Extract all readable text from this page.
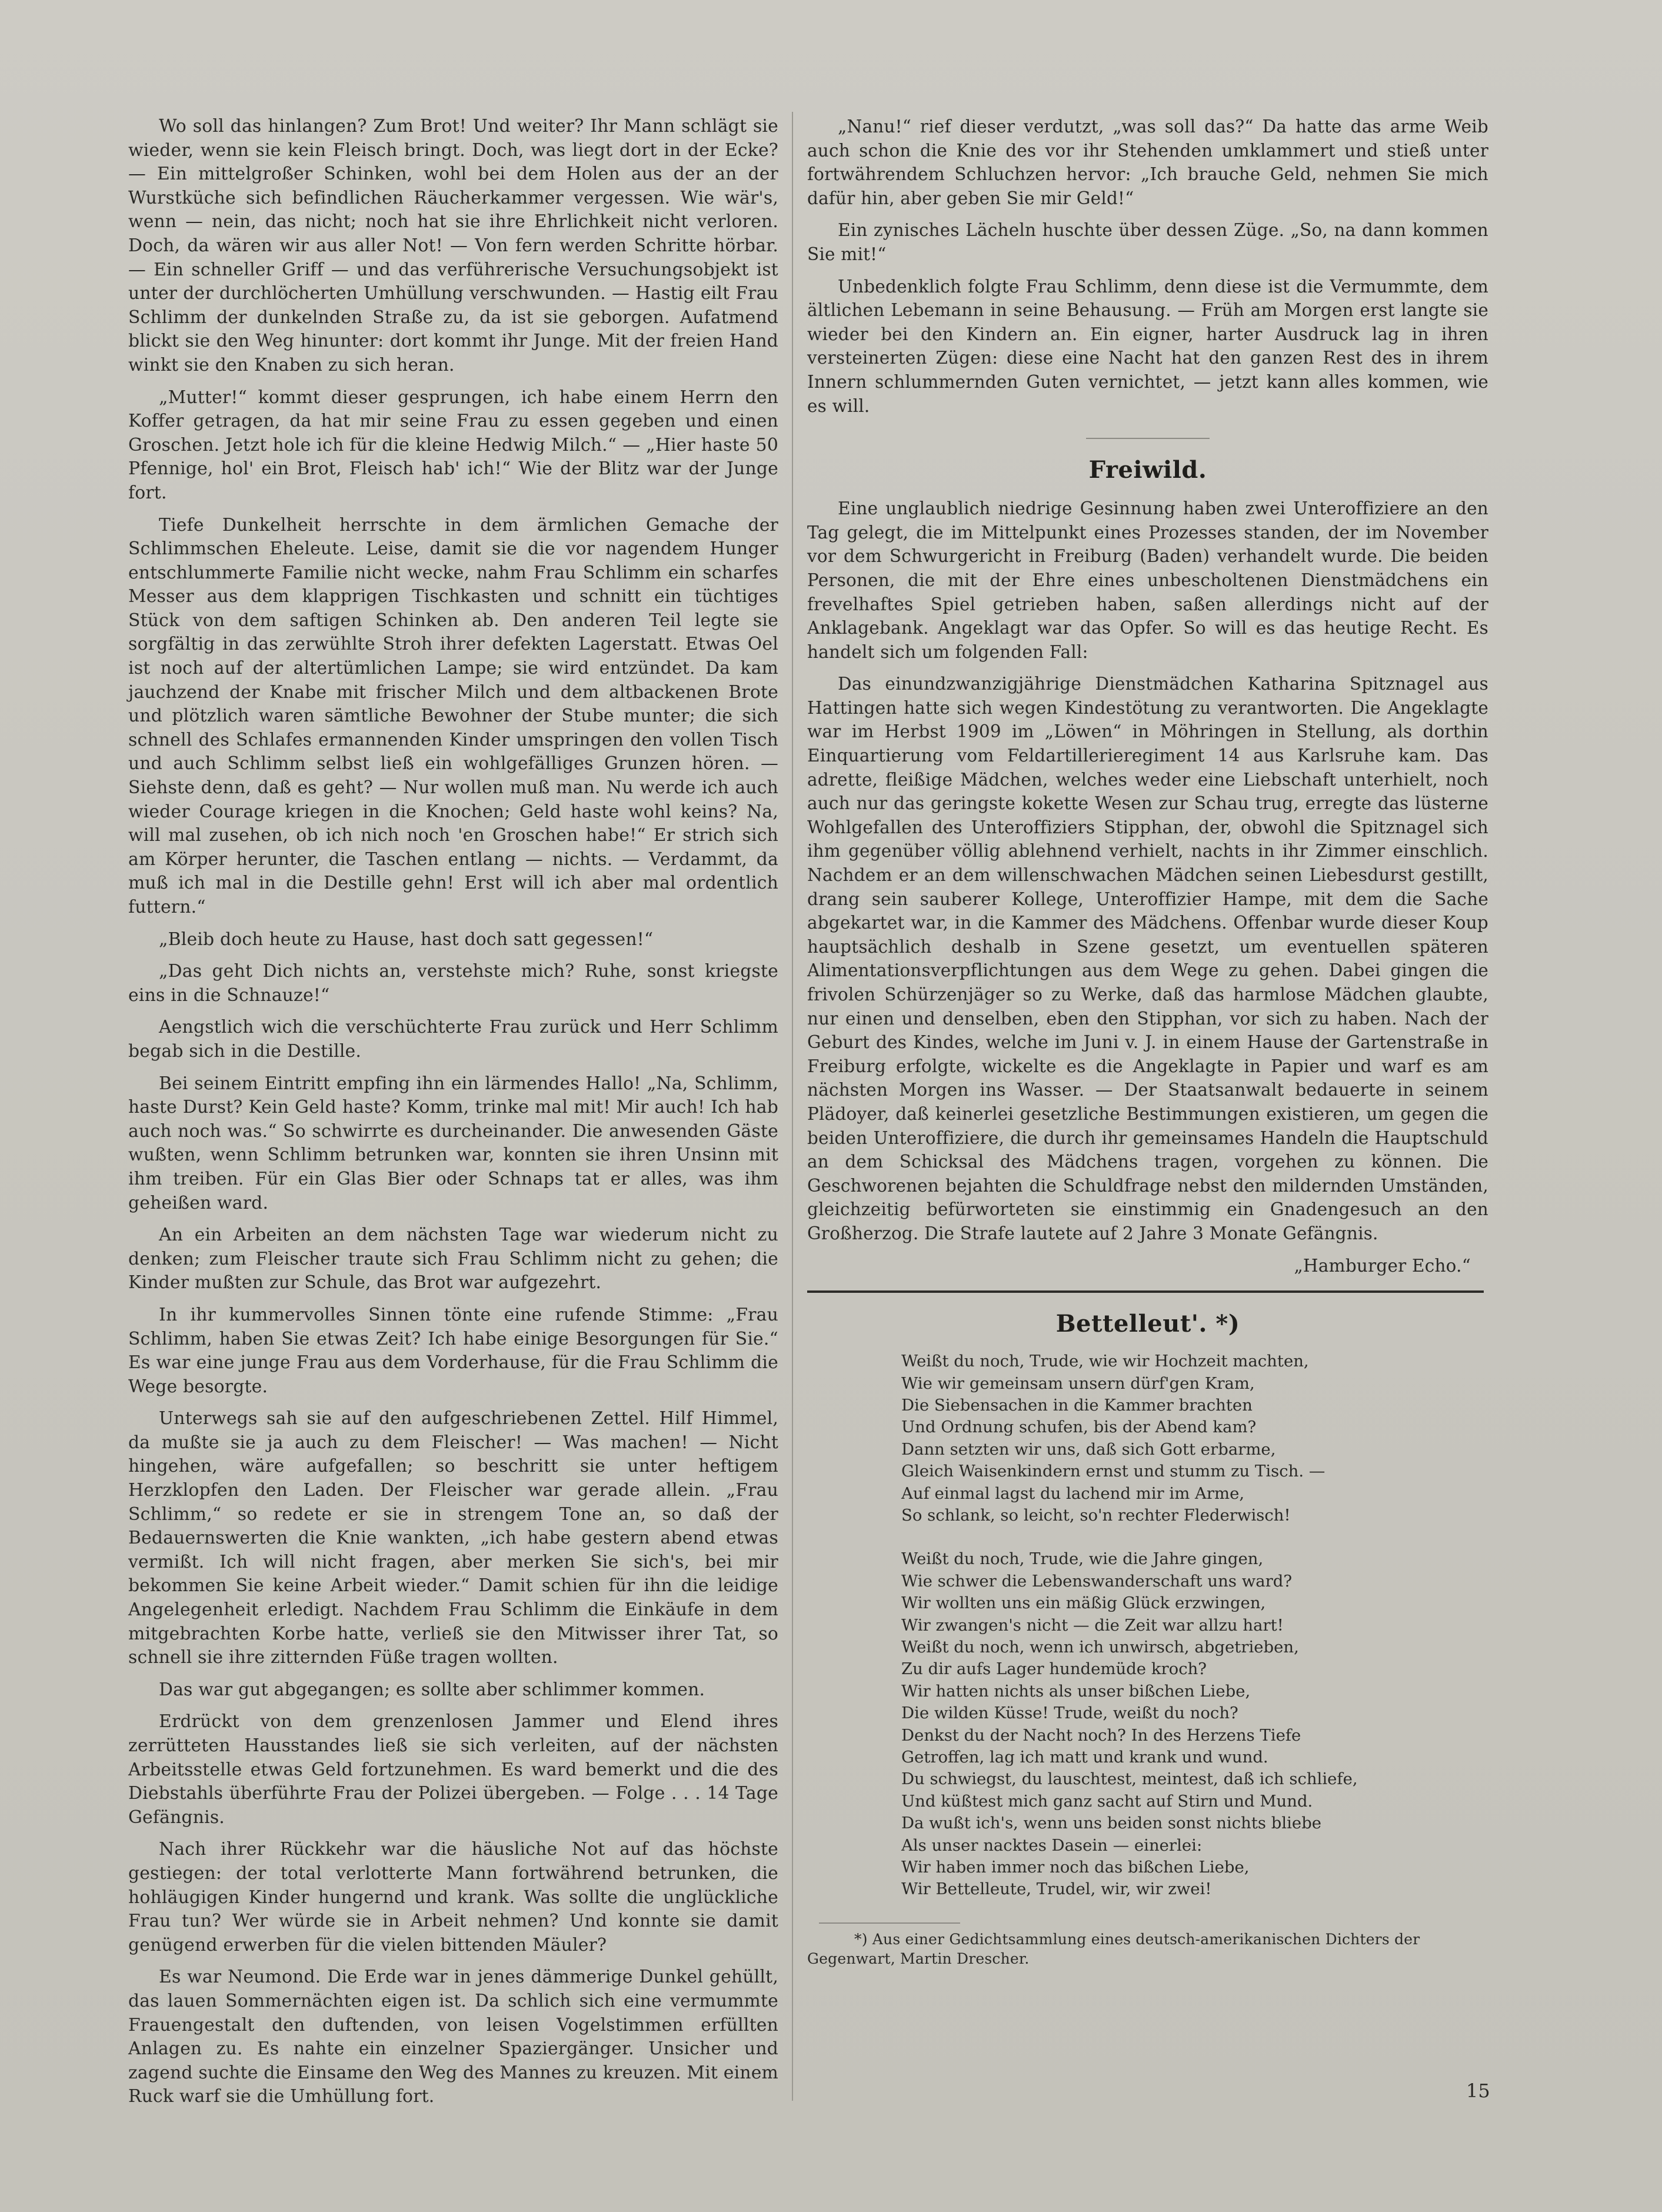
Wo soll das hinlangen? Zum Brot! Und weiter? Ihr Mann schlägt sie wieder, wenn sie kein Fleisch bringt. Doch, was liegt dort in der Ecke? — Ein mittelgroßer Schinken, wohl bei dem Holen aus der an der Wurstküche sich befindlichen Räucherkammer vergessen. Wie wär's, wenn — nein, das nicht; noch hat sie ihre Ehrlichkeit nicht verloren. Doch, da wären wir aus aller Not! — Von fern werden Schritte hörbar. — Ein schneller Griff — und das verführerische Versuchungsobjekt ist unter der durchlöcherten Umhüllung verschwunden. — Hastig eilt Frau Schlimm der dunkelnden Straße zu, da ist sie geborgen. Aufatmend blickt sie den Weg hinunter: dort kommt ihr Junge. Mit der freien Hand winkt sie den Knaben zu sich heran.

„Mutter!“ kommt dieser gesprungen, ich habe einem Herrn den Koffer getragen, da hat mir seine Frau zu essen gegeben und einen Groschen. Jetzt hole ich für die kleine Hedwig Milch.“ — „Hier haste 50 Pfennige, hol' ein Brot, Fleisch hab' ich!“ Wie der Blitz war der Junge fort.

Tiefe Dunkelheit herrschte in dem ärmlichen Gemache der Schlimmschen Eheleute. Leise, damit sie die vor nagendem Hunger entschlummerte Familie nicht wecke, nahm Frau Schlimm ein scharfes Messer aus dem klapprigen Tischkasten und schnitt ein tüchtiges Stück von dem saftigen Schinken ab. Den anderen Teil legte sie sorgfältig in das zerwühlte Stroh ihrer defekten Lagerstatt. Etwas Oel ist noch auf der altertümlichen Lampe; sie wird entzündet. Da kam jauchzend der Knabe mit frischer Milch und dem altbackenen Brote und plötzlich waren sämtliche Bewohner der Stube munter; die sich schnell des Schlafes ermannenden Kinder umspringen den vollen Tisch und auch Schlimm selbst ließ ein wohlgefälliges Grunzen hören. — Siehste denn, daß es geht? — Nur wollen muß man. Nu werde ich auch wieder Courage kriegen in die Knochen; Geld haste wohl keins? Na, will mal zusehen, ob ich nich noch 'en Groschen habe!“ Er strich sich am Körper herunter, die Taschen entlang — nichts. — Verdammt, da muß ich mal in die Destille gehn! Erst will ich aber mal ordentlich futtern.“

„Bleib doch heute zu Hause, hast doch satt gegessen!“

„Das geht Dich nichts an, verstehste mich? Ruhe, sonst kriegste eins in die Schnauze!“

Aengstlich wich die verschüchterte Frau zurück und Herr Schlimm begab sich in die Destille.

Bei seinem Eintritt empfing ihn ein lärmendes Hallo! „Na, Schlimm, haste Durst? Kein Geld haste? Komm, trinke mal mit! Mir auch! Ich hab auch noch was.“ So schwirrte es durcheinander. Die anwesenden Gäste wußten, wenn Schlimm betrunken war, konnten sie ihren Unsinn mit ihm treiben. Für ein Glas Bier oder Schnaps tat er alles, was ihm geheißen ward.

An ein Arbeiten an dem nächsten Tage war wiederum nicht zu denken; zum Fleischer traute sich Frau Schlimm nicht zu gehen; die Kinder mußten zur Schule, das Brot war aufgezehrt.

In ihr kummervolles Sinnen tönte eine rufende Stimme: „Frau Schlimm, haben Sie etwas Zeit? Ich habe einige Besorgungen für Sie.“ Es war eine junge Frau aus dem Vorderhause, für die Frau Schlimm die Wege besorgte.

Unterwegs sah sie auf den aufgeschriebenen Zettel. Hilf Himmel, da mußte sie ja auch zu dem Fleischer! — Was machen! — Nicht hingehen, wäre aufgefallen; so beschritt sie unter heftigem Herzklopfen den Laden. Der Fleischer war gerade allein. „Frau Schlimm,“ so redete er sie in strengem Tone an, so daß der Bedauernswerten die Knie wankten, „ich habe gestern abend etwas vermißt. Ich will nicht fragen, aber merken Sie sich's, bei mir bekommen Sie keine Arbeit wieder.“ Damit schien für ihn die leidige Angelegenheit erledigt. Nachdem Frau Schlimm die Einkäufe in dem mitgebrachten Korbe hatte, verließ sie den Mitwisser ihrer Tat, so schnell sie ihre zitternden Füße tragen wollten.

Das war gut abgegangen; es sollte aber schlimmer kommen.

Erdrückt von dem grenzenlosen Jammer und Elend ihres zerrütteten Hausstandes ließ sie sich verleiten, auf der nächsten Arbeitsstelle etwas Geld fortzunehmen. Es ward bemerkt und die des Diebstahls überführte Frau der Polizei übergeben. — Folge . . . 14 Tage Gefängnis.

Nach ihrer Rückkehr war die häusliche Not auf das höchste gestiegen: der total verlotterte Mann fortwährend betrunken, die hohläugigen Kinder hungernd und krank. Was sollte die unglückliche Frau tun? Wer würde sie in Arbeit nehmen? Und konnte sie damit genügend erwerben für die vielen bittenden Mäuler?

Es war Neumond. Die Erde war in jenes dämmerige Dunkel gehüllt, das lauen Sommernächten eigen ist. Da schlich sich eine vermummte Frauengestalt den duftenden, von leisen Vogelstimmen erfüllten Anlagen zu. Es nahte ein einzelner Spaziergänger. Unsicher und zagend suchte die Einsame den Weg des Mannes zu kreuzen. Mit einem Ruck warf sie die Umhüllung fort.

„Nanu!“ rief dieser verdutzt, „was soll das?“ Da hatte das arme Weib auch schon die Knie des vor ihr Stehenden umklammert und stieß unter fortwährendem Schluchzen hervor: „Ich brauche Geld, nehmen Sie mich dafür hin, aber geben Sie mir Geld!“

Ein zynisches Lächeln huschte über dessen Züge. „So, na dann kommen Sie mit!“

Unbedenklich folgte Frau Schlimm, denn diese ist die Vermummte, dem ältlichen Lebemann in seine Behausung. — Früh am Morgen erst langte sie wieder bei den Kindern an. Ein eigner, harter Ausdruck lag in ihren versteinerten Zügen: diese eine Nacht hat den ganzen Rest des in ihrem Innern schlummernden Guten vernichtet, — jetzt kann alles kommen, wie es will.

Freiwild.

Eine unglaublich niedrige Gesinnung haben zwei Unteroffiziere an den Tag gelegt, die im Mittelpunkt eines Prozesses standen, der im November vor dem Schwurgericht in Freiburg (Baden) verhandelt wurde. Die beiden Personen, die mit der Ehre eines unbescholtenen Dienstmädchens ein frevelhaftes Spiel getrieben haben, saßen allerdings nicht auf der Anklagebank. Angeklagt war das Opfer. So will es das heutige Recht. Es handelt sich um folgenden Fall:

Das einundzwanzigjährige Dienstmädchen Katharina Spitznagel aus Hattingen hatte sich wegen Kindestötung zu verantworten. Die Angeklagte war im Herbst 1909 im „Löwen“ in Möhringen in Stellung, als dorthin Einquartierung vom Feldartillerieregiment 14 aus Karlsruhe kam. Das adrette, fleißige Mädchen, welches weder eine Liebschaft unterhielt, noch auch nur das geringste kokette Wesen zur Schau trug, erregte das lüsterne Wohlgefallen des Unteroffiziers Stipphan, der, obwohl die Spitznagel sich ihm gegenüber völlig ablehnend verhielt, nachts in ihr Zimmer einschlich. Nachdem er an dem willenschwachen Mädchen seinen Liebesdurst gestillt, drang sein sauberer Kollege, Unteroffizier Hampe, mit dem die Sache abgekartet war, in die Kammer des Mädchens. Offenbar wurde dieser Koup hauptsächlich deshalb in Szene gesetzt, um eventuellen späteren Alimentationsverpflichtungen aus dem Wege zu gehen. Dabei gingen die frivolen Schürzenjäger so zu Werke, daß das harmlose Mädchen glaubte, nur einen und denselben, eben den Stipphan, vor sich zu haben. Nach der Geburt des Kindes, welche im Juni v. J. in einem Hause der Gartenstraße in Freiburg erfolgte, wickelte es die Angeklagte in Papier und warf es am nächsten Morgen ins Wasser. — Der Staatsanwalt bedauerte in seinem Plädoyer, daß keinerlei gesetzliche Bestimmungen existieren, um gegen die beiden Unteroffiziere, die durch ihr gemeinsames Handeln die Hauptschuld an dem Schicksal des Mädchens tragen, vorgehen zu können. Die Geschworenen bejahten die Schuldfrage nebst den mildernden Umständen, gleichzeitig befürworteten sie einstimmig ein Gnadengesuch an den Großherzog. Die Strafe lautete auf 2 Jahre 3 Monate Gefängnis.

„Hamburger Echo.“

Bettelleut'. *)
Weißt du noch, Trude, wie wir Hochzeit machten,
Wie wir gemeinsam unsern dürf'gen Kram,
Die Siebensachen in die Kammer brachten
Und Ordnung schufen, bis der Abend kam?
Dann setzten wir uns, daß sich Gott erbarme,
Gleich Waisenkindern ernst und stumm zu Tisch. —
Auf einmal lagst du lachend mir im Arme,
So schlank, so leicht, so'n rechter Flederwisch!
Weißt du noch, Trude, wie die Jahre gingen,
Wie schwer die Lebenswanderschaft uns ward?
Wir wollten uns ein mäßig Glück erzwingen,
Wir zwangen's nicht — die Zeit war allzu hart!
Weißt du noch, wenn ich unwirsch, abgetrieben,
Zu dir aufs Lager hundemüde kroch?
Wir hatten nichts als unser bißchen Liebe,
Die wilden Küsse! Trude, weißt du noch?
Denkst du der Nacht noch? In des Herzens Tiefe
Getroffen, lag ich matt und krank und wund.
Du schwiegst, du lauschtest, meintest, daß ich schliefe,
Und küßtest mich ganz sacht auf Stirn und Mund.
Da wußt ich's, wenn uns beiden sonst nichts bliebe
Als unser nacktes Dasein — einerlei:
Wir haben immer noch das bißchen Liebe,
Wir Bettelleute, Trudel, wir, wir zwei!

*) Aus einer Gedichtsammlung eines deutsch-amerikanischen Dichters der Gegenwart, Martin Drescher.

15
